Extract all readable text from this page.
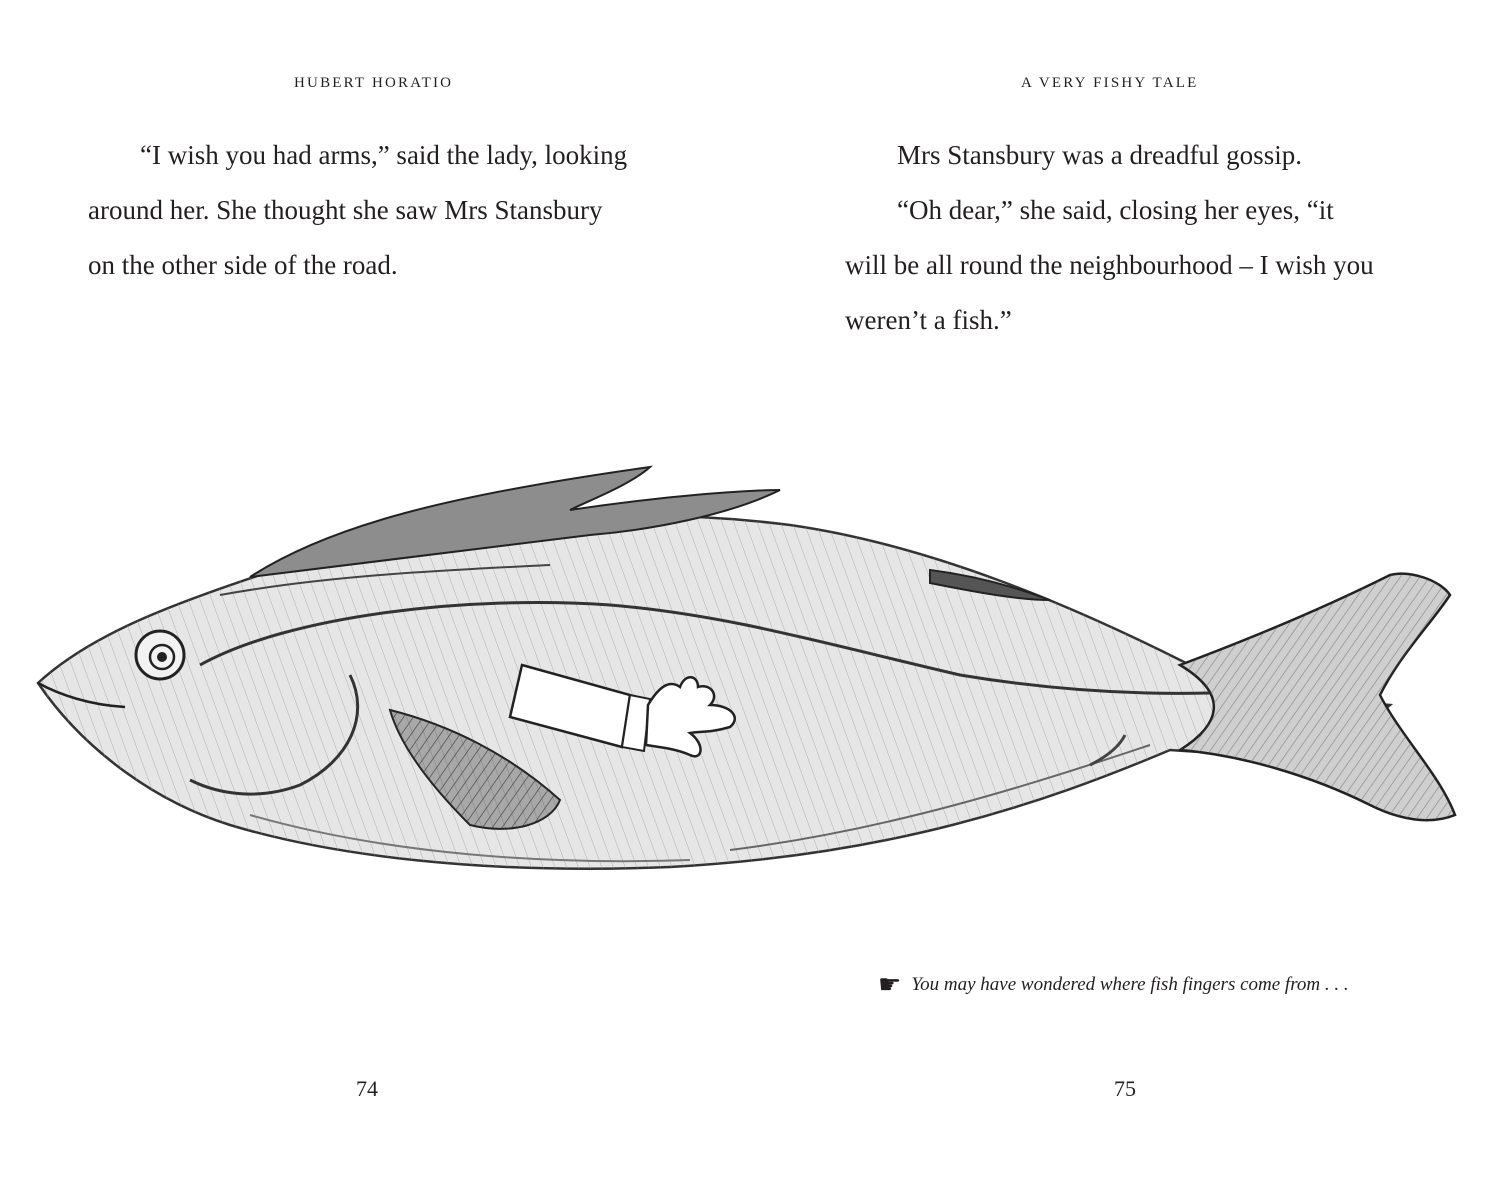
HUBERT HORATIO	A VERY FISHY TALE

“I wish you had arms,” said the lady, looking
around her. She thought she saw Mrs Stansbury
on the other side of the road.

Mrs Stansbury was a dreadful gossip.
“Oh dear,” she said, closing her eyes, “it
will be all round the neighbourhood – I wish you
weren’t a fish.”

☛ You may have wondered where fish fingers come from . . .
74	75
